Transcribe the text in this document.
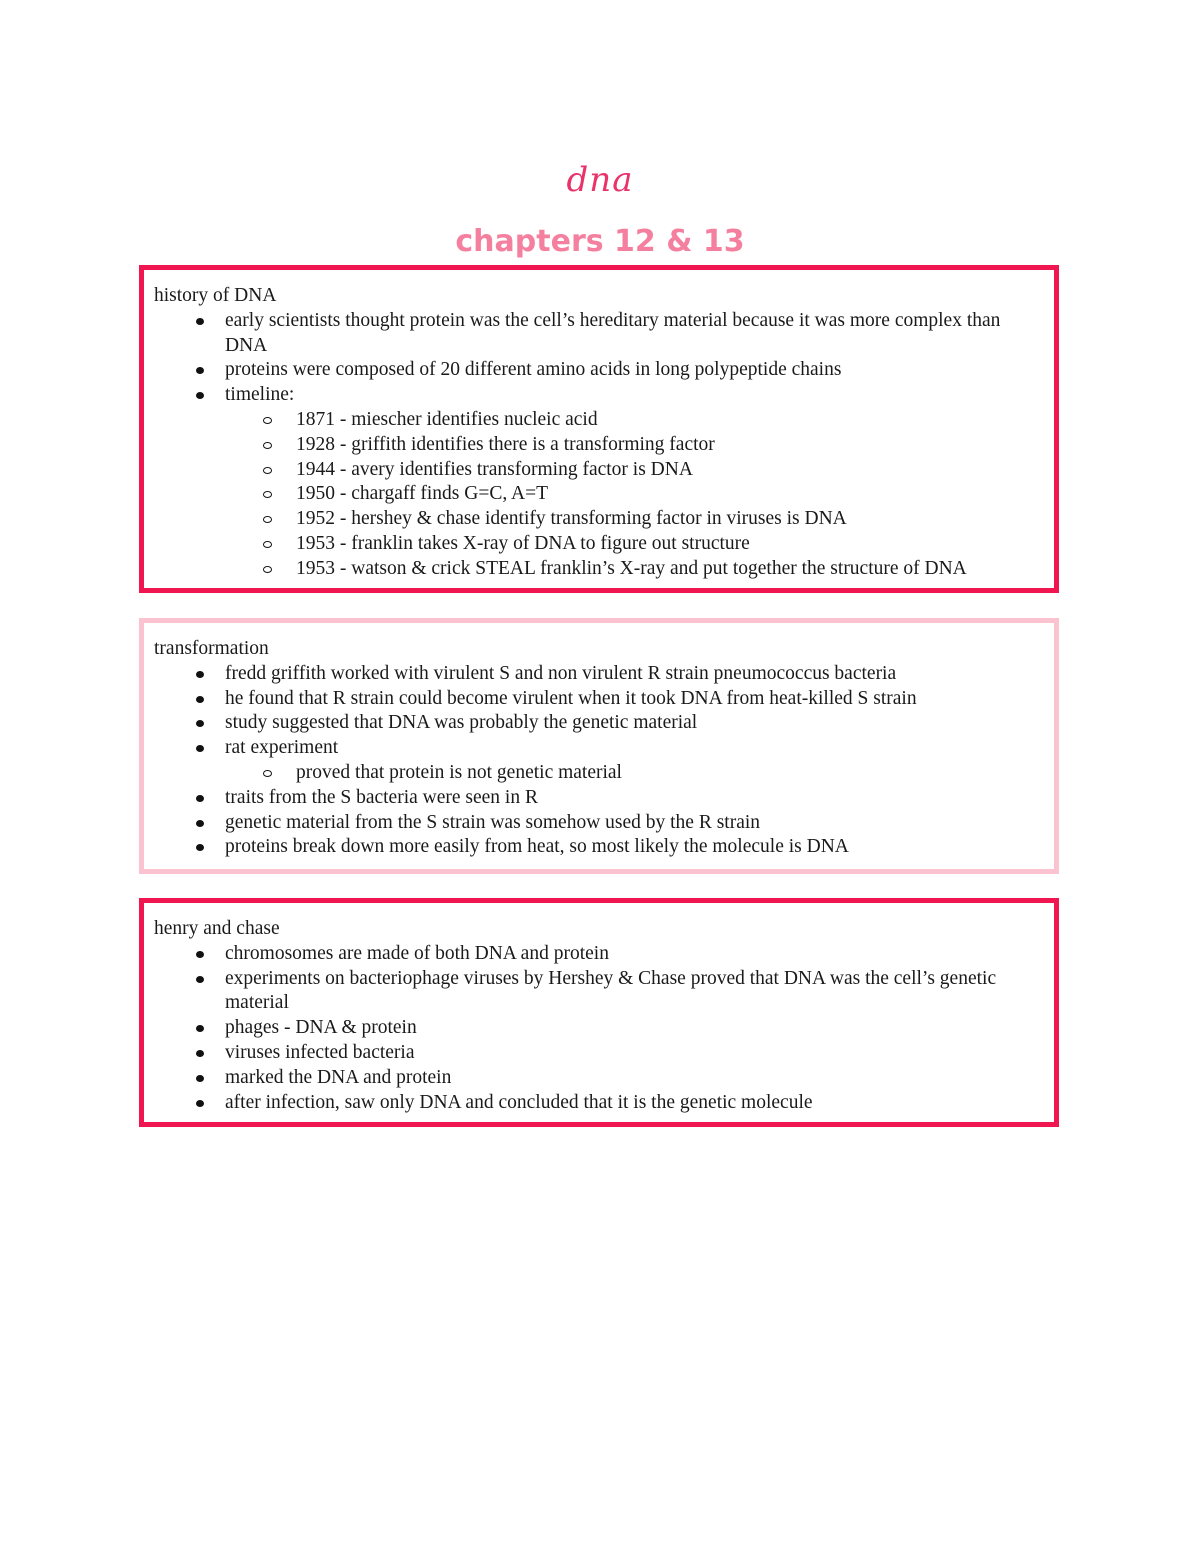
dna
chapters 12 & 13

history of DNA

early scientists thought protein was the cell’s hereditary material because it was more complex than DNA
proteins were composed of 20 different amino acids in long polypeptide chains
timeline:
1871 - miescher identifies nucleic acid
1928 - griffith identifies there is a transforming factor
1944 - avery identifies transforming factor is DNA
1950 - chargaff finds G=C, A=T
1952 - hershey & chase identify transforming factor in viruses is DNA
1953 - franklin takes X-ray of DNA to figure out structure
1953 - watson & crick STEAL franklin’s X-ray and put together the structure of DNA

transformation

fredd griffith worked with virulent S and non virulent R strain pneumococcus bacteria
he found that R strain could become virulent when it took DNA from heat-killed S strain
study suggested that DNA was probably the genetic material
rat experiment
proved that protein is not genetic material
traits from the S bacteria were seen in R
genetic material from the S strain was somehow used by the R strain
proteins break down more easily from heat, so most likely the molecule is DNA

henry and chase

chromosomes are made of both DNA and protein
experiments on bacteriophage viruses by Hershey & Chase proved that DNA was the cell’s genetic material
phages - DNA & protein
viruses infected bacteria
marked the DNA and protein
after infection, saw only DNA and concluded that it is the genetic molecule
